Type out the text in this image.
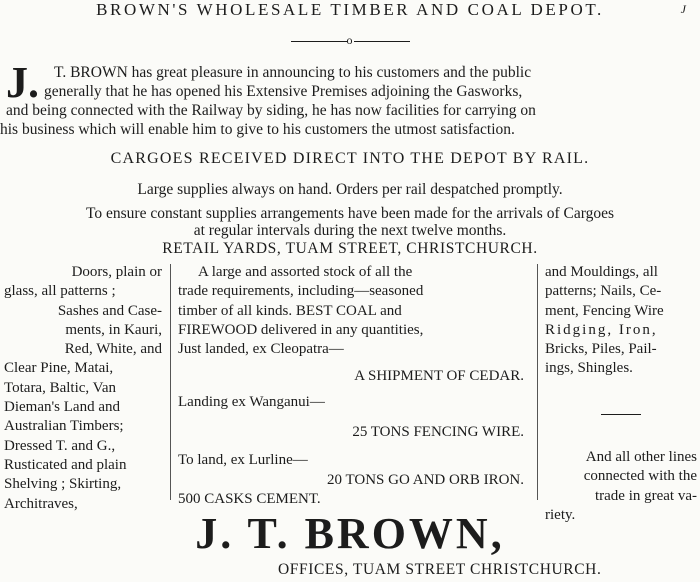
BROWN'S WHOLESALE TIMBER AND COAL DEPOT.	J
o
J. T. BROWN has great pleasure in announcing to his customers and the public
generally that he has opened his Extensive Premises adjoining the Gasworks,
and being connected with the Railway by siding, he has now facilities for carrying on
his business which will enable him to give to his customers the utmost satisfaction.
CARGOES RECEIVED DIRECT INTO THE DEPOT BY RAIL.
Large supplies always on hand. Orders per rail despatched promptly.
To ensure constant supplies arrangements have been made for the arrivals of Cargoes
at regular intervals during the next twelve months.
RETAIL YARDS, TUAM STREET, CHRISTCHURCH.
Doors, plain or
glass, all patterns ;
Sashes and Case-
ments, in Kauri,
Red, White, and
Clear Pine, Matai,
Totara, Baltic, Van
Dieman's Land and
Australian Timbers;
Dressed T. and G.,
Rusticated and plain
Shelving ; Skirting,
Architraves,
A large and assorted stock of all the
trade requirements, including—seasoned
timber of all kinds. BEST COAL and
FIREWOOD delivered in any quantities,
Just landed, ex Cleopatra—
A SHIPMENT OF CEDAR.
Landing ex Wanganui—
25 TONS FENCING WIRE.
To land, ex Lurline—
20 TONS GO AND ORB IRON.
500 CASKS CEMENT.
and Mouldings, all
patterns; Nails, Ce-
ment, Fencing Wire
Ridging, Iron,
Bricks, Piles, Pail-
ings, Shingles.
And all other lines
connected with the
trade in great va-
riety.
J. T. BROWN,
OFFICES, TUAM STREET CHRISTCHURCH.
